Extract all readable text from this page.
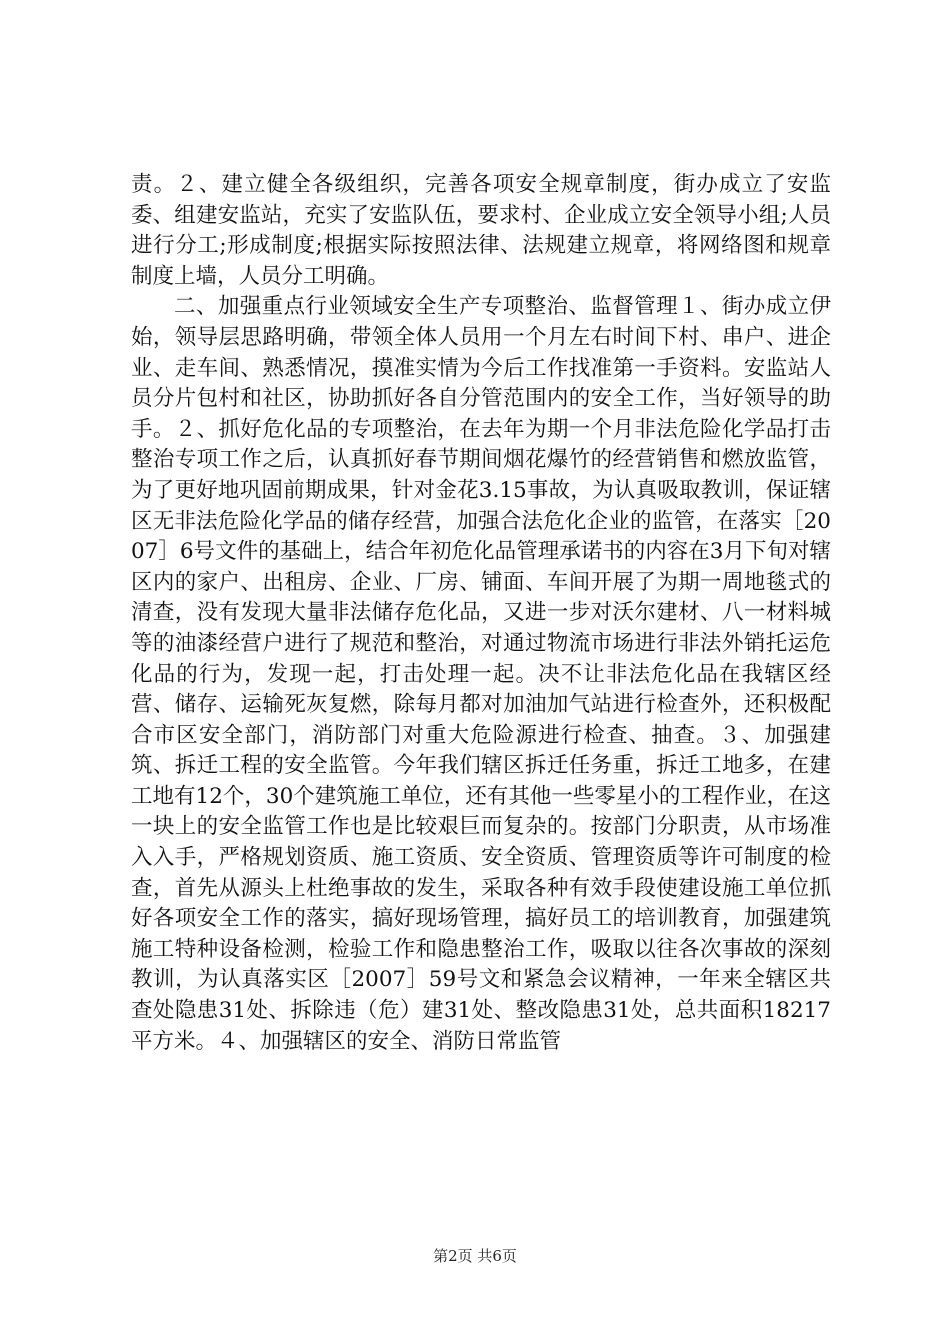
责。２、建立健全各级组织，完善各项安全规章制度，街办成立了安监委、组建安监站，充实了安监队伍，要求村、企业成立安全领导小组;人员进行分工;形成制度;根据实际按照法律、法规建立规章，将网络图和规章制度上墙，人员分工明确。

二、加强重点行业领域安全生产专项整治、监督管理１、街办成立伊始，领导层思路明确，带领全体人员用一个月左右时间下村、串户、进企业、走车间、熟悉情况，摸准实情为今后工作找准第一手资料。安监站人员分片包村和社区，协助抓好各自分管范围内的安全工作，当好领导的助手。２、抓好危化品的专项整治，在去年为期一个月非法危险化学品打击整治专项工作之后，认真抓好春节期间烟花爆竹的经营销售和燃放监管，为了更好地巩固前期成果，针对金花3.15事故，为认真吸取教训，保证辖区无非法危险化学品的储存经营，加强合法危化企业的监管，在落实［2007］6号文件的基础上，结合年初危化品管理承诺书的内容在3月下旬对辖区内的家户、出租房、企业、厂房、铺面、车间开展了为期一周地毯式的清查，没有发现大量非法储存危化品，又进一步对沃尔建材、八一材料城等的油漆经营户进行了规范和整治，对通过物流市场进行非法外销托运危化品的行为，发现一起，打击处理一起。决不让非法危化品在我辖区经营、储存、运输死灰复燃，除每月都对加油加气站进行检查外，还积极配合市区安全部门，消防部门对重大危险源进行检查、抽查。３、加强建筑、拆迁工程的安全监管。今年我们辖区拆迁任务重，拆迁工地多，在建工地有12个，30个建筑施工单位，还有其他一些零星小的工程作业，在这一块上的安全监管工作也是比较艰巨而复杂的。按部门分职责，从市场准入入手，严格规划资质、施工资质、安全资质、管理资质等许可制度的检查，首先从源头上杜绝事故的发生，采取各种有效手段使建设施工单位抓好各项安全工作的落实，搞好现场管理，搞好员工的培训教育，加强建筑施工特种设备检测，检验工作和隐患整治工作，吸取以往各次事故的深刻教训，为认真落实区［2007］59号文和紧急会议精神，一年来全辖区共查处隐患31处、拆除违（危）建31处、整改隐患31处，总共面积18217平方米。４、加强辖区的安全、消防日常监管

第2页 共6页
